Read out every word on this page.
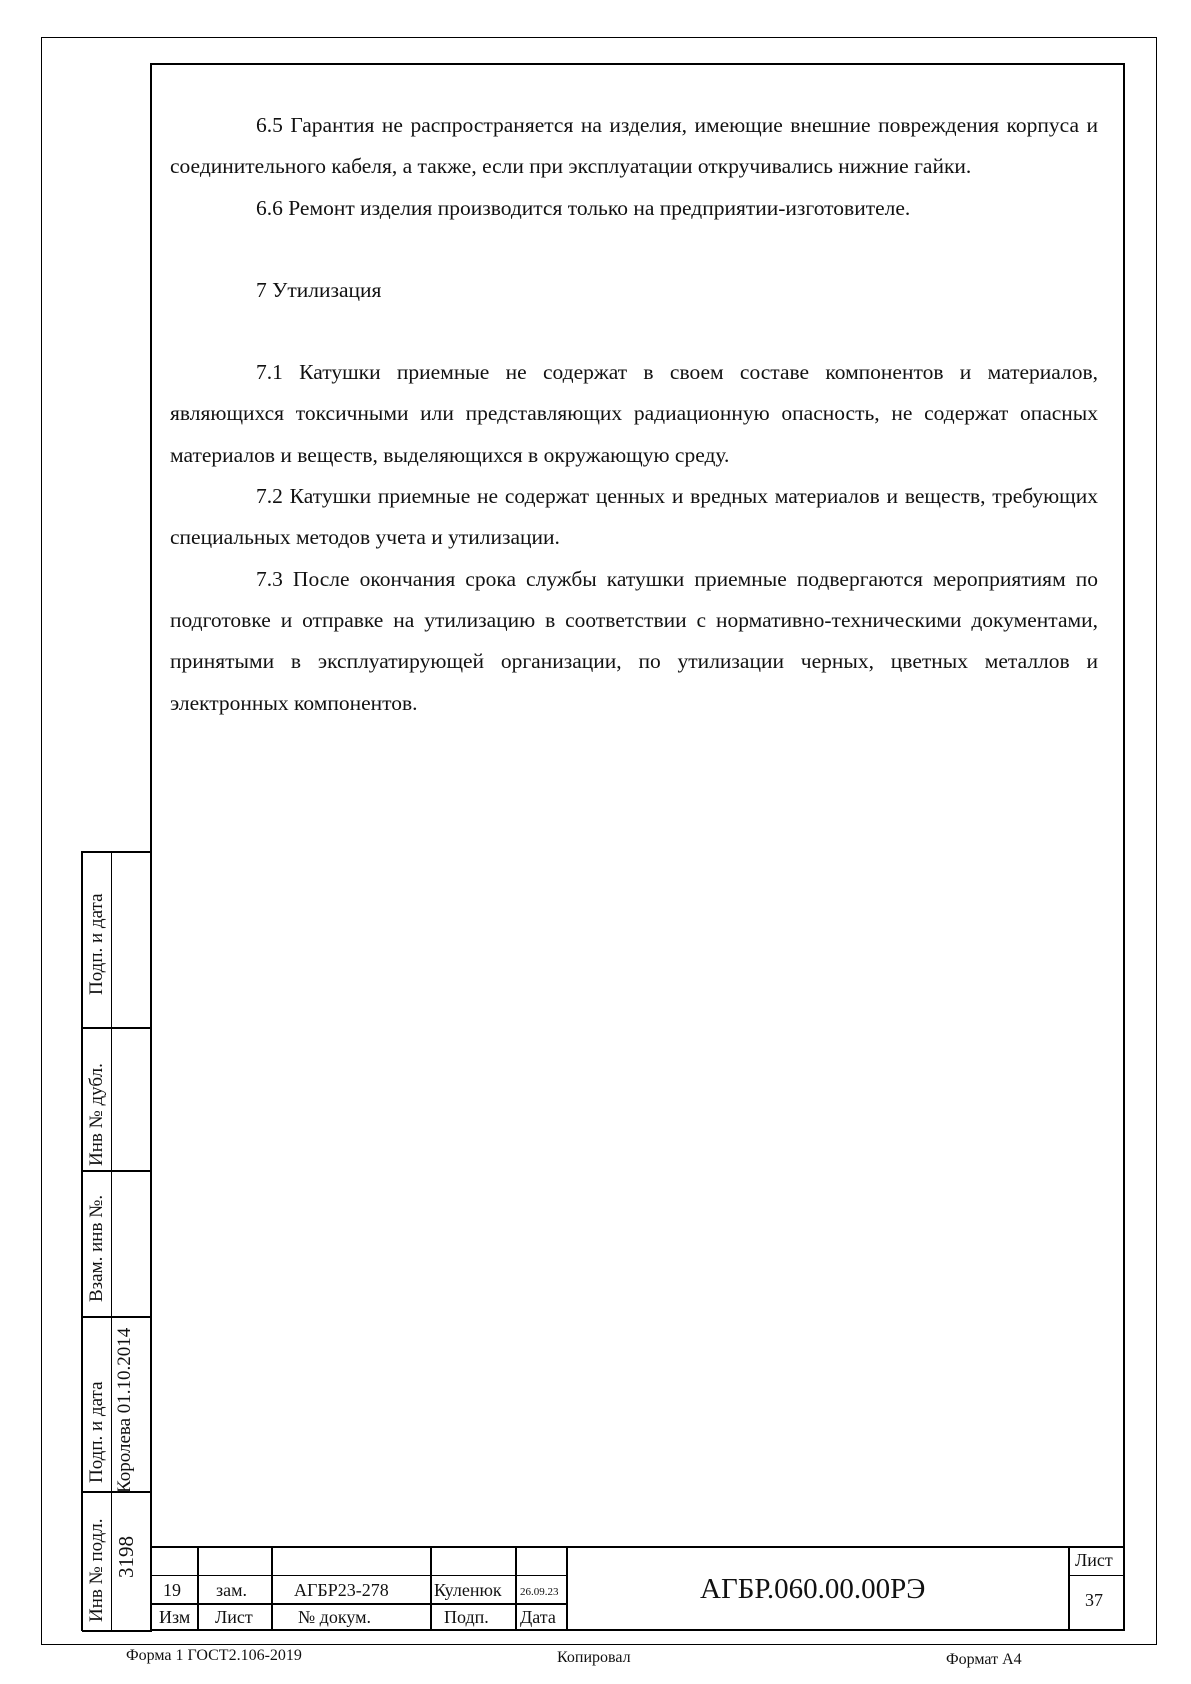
6.5 Гарантия не распространяется на изделия, имеющие внешние повреждения корпуса и соединительного кабеля, а также, если при эксплуатации откручивались нижние гайки.

6.6 Ремонт изделия производится только на предприятии-изготовителе.

7 Утилизация

7.1 Катушки приемные не содержат в своем составе компонентов и материалов, являющихся токсичными или представляющих радиационную опасность, не содержат опасных материалов и веществ, выделяющихся в окружающую среду.

7.2 Катушки приемные не содержат ценных и вредных материалов и веществ, требующих специальных методов учета и утилизации.

7.3 После окончания срока службы катушки приемные подвергаются мероприятиям по подготовке и отправке на утилизацию в соответствии с нормативно-техническими документами, принятыми в эксплуатирующей организации, по утилизации черных, цветных металлов и электронных компонентов.

Подп. и дата
Инв № дубл.
Взам. инв №.
Подп. и дата Королева 01.10.2014
Инв № подл. 3198
19 зам.	АГБР23-278	Куленюк 26.09.23
Изм Лист	№ докум.	Подп. Дата
АГБР.060.00.00РЭ
Лист
37
Форма 1 ГОСТ2.106-2019	Копировал	Формат А4
